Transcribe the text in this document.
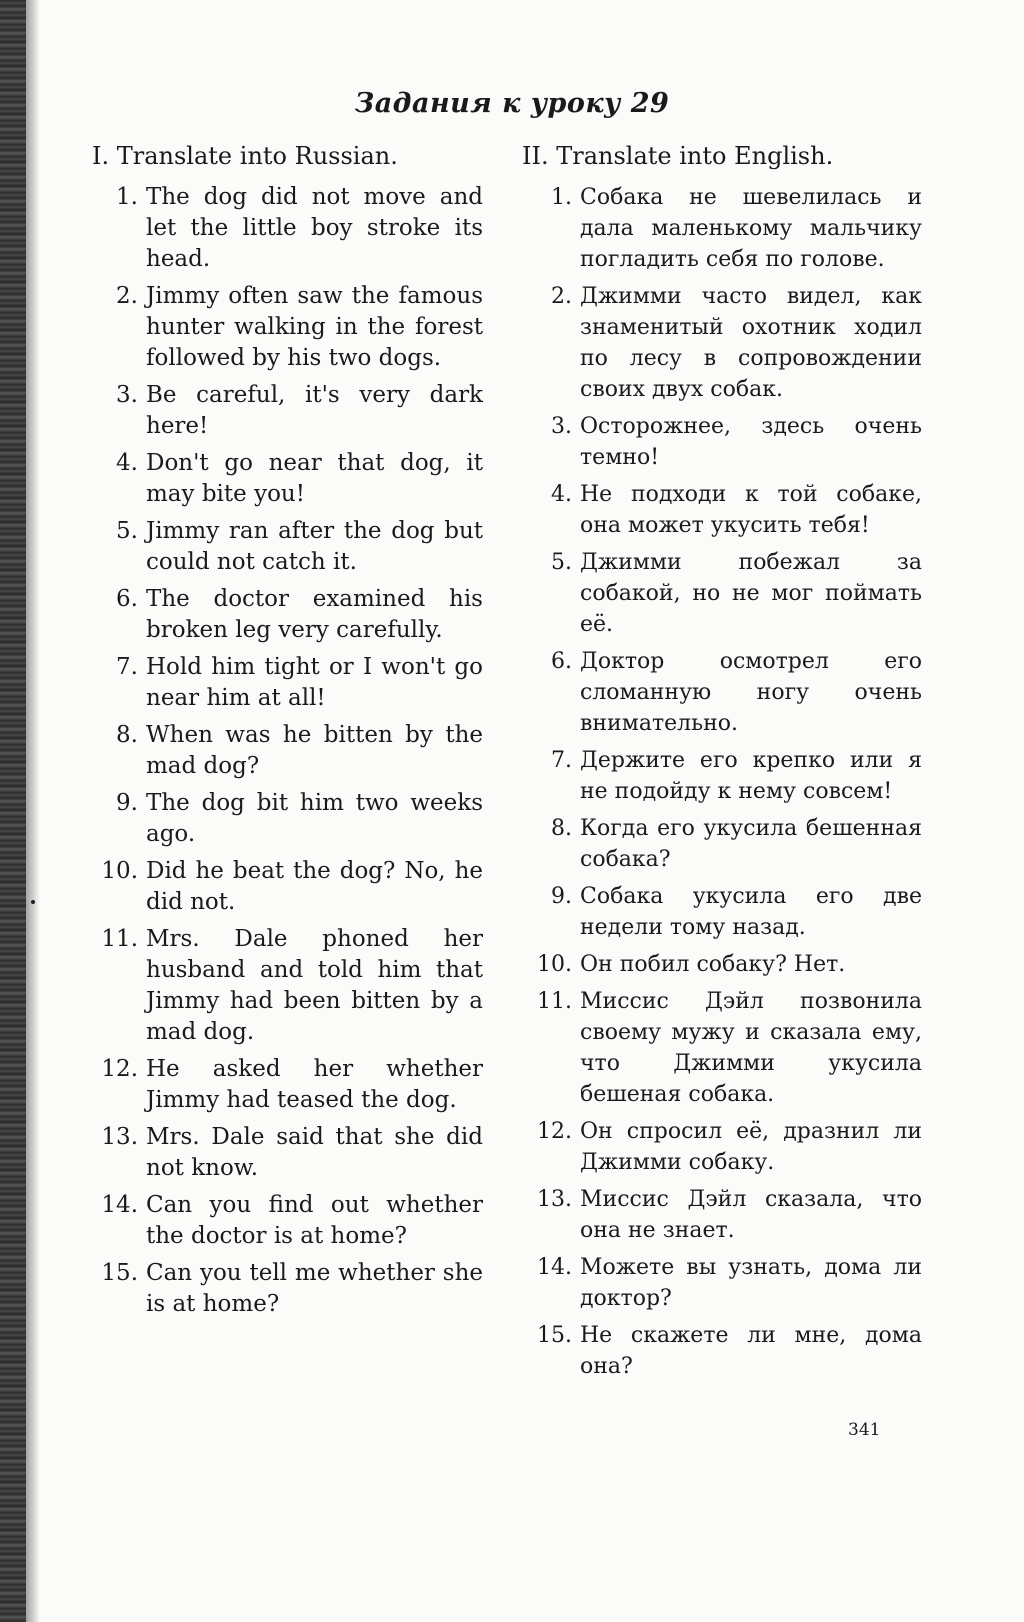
Задания к уроку 29
I. Translate into Russian.
1. The dog did not move and let the little boy stroke its head.
2. Jimmy often saw the famous hunter walking in the forest followed by his two dogs.
3. Be careful, it's very dark here!
4. Don't go near that dog, it may bite you!
5. Jimmy ran after the dog but could not catch it.
6. The doctor examined his broken leg very carefully.
7. Hold him tight or I won't go near him at all!
8. When was he bitten by the mad dog?
9. The dog bit him two weeks ago.
10. Did he beat the dog? No, he did not.
11. Mrs. Dale phoned her husband and told him that Jimmy had been bitten by a mad dog.
12. He asked her whether Jimmy had teased the dog.
13. Mrs. Dale said that she did not know.
14. Can you find out whether the doctor is at home?
15. Can you tell me whether she is at home?
II. Translate into English.
1. Собака не шевелилась и дала маленькому мальчику погладить себя по голове.
2. Джимми часто видел, как знаменитый охотник ходил по лесу в сопровождении своих двух собак.
3. Осторожнее, здесь очень темно!
4. Не подходи к той собаке, она может укусить тебя!
5. Джимми побежал за собакой, но не мог поймать её.
6. Доктор осмотрел его сломанную ногу очень внимательно.
7. Держите его крепко или я не подойду к нему совсем!
8. Когда его укусила бешенная собака?
9. Собака укусила его две недели тому назад.
10. Он побил собаку? Нет.
11. Миссис Дэйл позвонила своему мужу и сказала ему, что Джимми укусила бешеная собака.
12. Он спросил её, дразнил ли Джимми собаку.
13. Миссис Дэйл сказала, что она не знает.
14. Можете вы узнать, дома ли доктор?
15. Не скажете ли мне, дома она?
341
